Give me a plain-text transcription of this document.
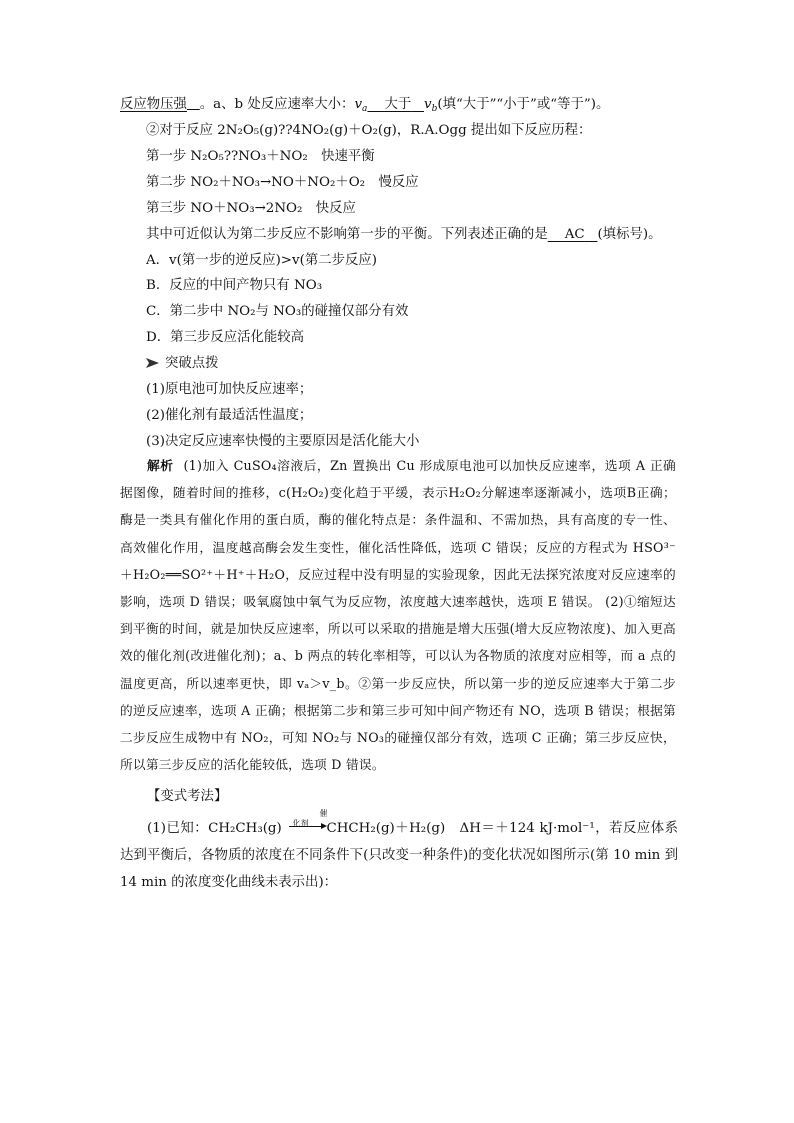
反应物压强 。a、b 处反应速率大小：$v_a$ 大于 $v_b$(填“大于”“小于”或“等于”)。
②对于反应 2N₂O₅(g)??4NO₂(g)＋O₂(g)，R.A.Ogg 提出如下反应历程：
第一步 N₂O₅??NO₃＋NO₂　快速平衡
第二步 NO₂＋NO₃→NO＋NO₂＋O₂　慢反应
第三步 NO＋NO₃→2NO₂　快反应
其中可近似认为第二步反应不影响第一步的平衡。下列表述正确的是 AC (填标号)。
A．v(第一步的逆反应)>v(第二步反应)
B．反应的中间产物只有 NO₃
C．第二步中 NO₂与 NO₃的碰撞仅部分有效
D．第三步反应活化能较高
突破点拨
(1)原电池可加快反应速率；
(2)催化剂有最适活性温度；
(3)决定反应速率快慢的主要原因是活化能大小

解析 (1)加入 CuSO₄溶液后，Zn 置换出 Cu 形成原电池可以加快反应速率，选项 A 正确据图像，随着时间的推移，c(H₂O₂)变化趋于平缓，表示H₂O₂分解速率逐渐减小，选项B正确；酶是一类具有催化作用的蛋白质，酶的催化特点是：条件温和、不需加热，具有高度的专一性、高效催化作用，温度越高酶会发生变性，催化活性降低，选项 C 错误；反应的方程式为 HSO³⁻＋H₂O₂══SO²⁺＋H⁺＋H₂O，反应过程中没有明显的实验现象，因此无法探究浓度对反应速率的影响，选项 D 错误；吸氧腐蚀中氧气为反应物，浓度越大速率越快，选项 E 错误。 (2)①缩短达到平衡的时间，就是加快反应速率，所以可以采取的措施是增大压强(增大反应物浓度)、加入更高效的催化剂(改进催化剂)；a、b 两点的转化率相等，可以认为各物质的浓度对应相等，而 a 点的温度更高，所以速率更快，即 vₐ＞v_b。②第一步反应快，所以第一步的逆反应速率大于第二步的逆反应速率，选项 A 正确；根据第二步和第三步可知中间产物还有 NO，选项 B 错误；根据第二步反应生成物中有 NO₂，可知 NO₂与 NO₃的碰撞仅部分有效，选项 C 正确；第三步反应快，所以第三步反应的活化能较低，选项 D 错误。

【变式考法】

(1)已知：CH₂CH₃(g)
催化剂	CHCH₂(g)＋H₂(g)　ΔH＝＋124 kJ·mol⁻¹，若反应体系达到平衡后，各物质的浓度在不同条件下(只改变一种条件)的变化状况如图所示(第 10 min 到 14 min 的浓度变化曲线未表示出)：
